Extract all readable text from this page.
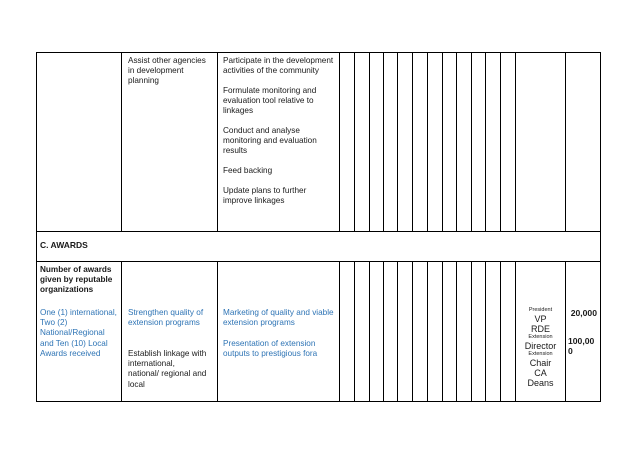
Assist other agencies in development planning

Participate in the development activities of the community

Formulate monitoring and evaluation tool relative to linkages

Conduct and analyse monitoring and evaluation results

Feed backing

Update plans to further improve linkages

C. AWARDS
Number of awards given by reputable organizations
One (1) international, Two (2) National/Regional and Ten (10) Local Awards received
Strengthen quality of extension programs
Establish linkage with international, national/ regional and local
Marketing of quality and viable extension programs
Presentation of extension outputs to prestigious fora
President
VP
RDE
Extension
Director
Extension
Chair
CA
Deans
20,000
100,00
0
